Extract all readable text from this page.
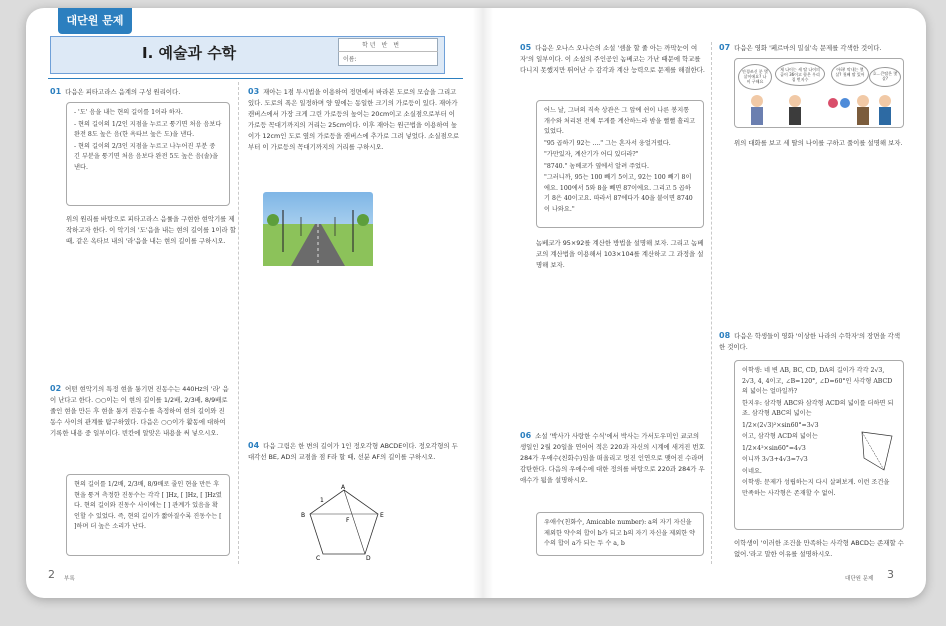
대단원 문제
I. 예술과 수학	학년 반 번
이름:
01 다음은 피타고라스 음계의 구성 원리이다.
- '도' 음을 내는 현의 길이를 1이라 하자.
- 현의 길이의 1/2인 지점을 누르고 퉁기면 처음 음보다 완전 8도 높은 음(한 옥타브 높은 도)을 낸다.
- 현의 길이의 2/3인 지점을 누르고 나누어진 부분 중 긴 부분을 퉁기면 처음 음보다 완전 5도 높은 음(솔)을 낸다.
위의 원리를 바탕으로 피타고라스 음률을 구현한 현악기를 제작하고자 한다. 이 악기의 '도'음을 내는 현의 길이를 1이라 할 때, 같은 옥타브 내의 '라'음을 내는 현의 길이를 구하시오.
02 어떤 현악기의 특정 현을 퉁기면 진동수는 440Hz의 '라' 음이 난다고 한다. ○○이는 이 현의 길이를 1/2배, 2/3배, 8/9배로 줄인 현을 만든 후 현을 퉁겨 진동수를 측정하여 현의 길이와 진동수 사이의 관계를 탐구하였다. 다음은 ○○이가 활동에 대하여 기록한 내용 중 일부이다. 빈칸에 알맞은 내용을 써 넣으시오.
현의 길이를 1/2배, 2/3배, 8/9배로 줄인 현을 만든 후 현을 퉁겨 측정한 진동수는 각각 [ ]Hz, [ ]Hz, [ ]Hz였다. 현의 길이와 진동수 사이에는 [ ] 관계가 있음을 확인할 수 있었다. 즉, 현의 길이가 짧아질수록 진동수는 [ ]하며 더 높은 소리가 난다.
03 재아는 1점 투시법을 이용하여 정면에서 바라본 도로의 모습을 그리고 있다. 도로의 폭은 일정하며 양 옆에는 동일한 크기의 가로등이 있다. 재아가 캔버스에서 가장 크게 그린 가로등의 높이는 20cm이고 소실점으로부터 이 가로등 꼭대기까지의 거리는 25cm이다. 이후 재아는 원근법을 이용하여 높이가 12cm인 도로 옆의 가로등을 캔버스에 추가로 그려 넣었다. 소실점으로부터 이 가로등의 꼭대기까지의 거리를 구하시오.
04 다음 그림은 한 변의 길이가 1인 정오각형 ABCDE이다. 정오각형의 두 대각선 BE, AD의 교점을 점 F라 할 때, 선분 AF의 길이를 구하시오.
A
B
C	D
E
F
1
05 다음은 오나스 오나슨의 소설 '셈을 할 줄 아는 까막눈이 여자'의 일부이다. 이 소설의 주인공인 놈베코는 가난 때문에 학교를 다니지 못했지만 뛰어난 수 감각과 계산 능력으로 문제를 해결한다.
어느 날, 그녀의 직속 상관은 그 앞에 쉰이 나른 봉지통 개수와 처리된 전체 무게를 계산하느라 밤을 뻘뻘 흘리고 있었다.
"95 곱하기 92는 ...." 그는 혼자서 웅얼거렸다.
"가만있자, 계산기가 어디 있더라?"
"8740." 놈베코가 옆에서 알려 주었다.
"그러니까, 95는 100 빼기 5이고, 92는 100 빼기 8이에요. 100에서 5와 8을 빼면 87이에요. 그리고 5 곱하기 8은 40이고요. 따라서 87에다가 40을 붙이면 8740이 나와요."
놈베코가 95×92를 계산한 방법을 설명해 보자. 그리고 놈베코의 계산법을 이용해서 103×104를 계산하고 그 과정을 설명해 보자.
06 소설 '박사가 사랑한 수식'에서 박사는 가서도우미인 쿄코의 생일인 2월 20일을 연어어 적은 220과 자신의 시계에 새겨진 번호 284가 우애수(친화수)임을 떠올리고 멋진 인연으로 맺어진 수라며 감탄한다. 다음의 우애수에 대한 정의를 바탕으로 220과 284가 우애수가 됨을 설명하시오.
우애수(친화수, Amicable number): a의 자기 자신을 제외한 약수의 합이 b가 되고 b의 자기 자신을 제외한 약수의 합이 a가 되는 두 수 a, b
07 다음은 영화 '페르마의 밀실'속 문제를 각색한 것이다.
안경쓰신 분 몇 살이에요? 나이 구해요
제 나이는 세 딸 나이의 곱이 36이고 합은 우리 집 번지수
아하! 막내는 몇 살? 첫째 딸 있어	흐...큰딸은 몇 살?
위의 대화를 보고 세 딸의 나이를 구하고 풀이를 설명해 보자.
08 다음은 학생들이 영화 '이상한 나라의 수학자'의 장면을 각색한 것이다.
이학생: 네 변 AB, BC, CD, DA의 길이가 각각 2√3, 2√3, 4, 4이고, ∠B=120°, ∠D=60°인 사각형 ABCD의 넓이는 얼마일까?
한지우: 삼각형 ABC와 삼각형 ACD의 넓이를 더하면 되죠. 삼각형 ABC의 넓이는
1/2×(2√3)²×sin60°=3√3
이고, 삼각형 ACD의 넓이는
1/2×4²×sin60°=4√3
이니까 3√3+4√3=7√3
이네요.
이학생: 문제가 성립하는지 다시 살펴보게. 이런 조건을 만족하는 사각형은 존재할 수 없어.
이학생이 '이러한 조건을 만족하는 사각형 ABCD는 존재할 수 없어.'라고 말한 이유를 설명하시오.
2 부록	대단원 문제 3
